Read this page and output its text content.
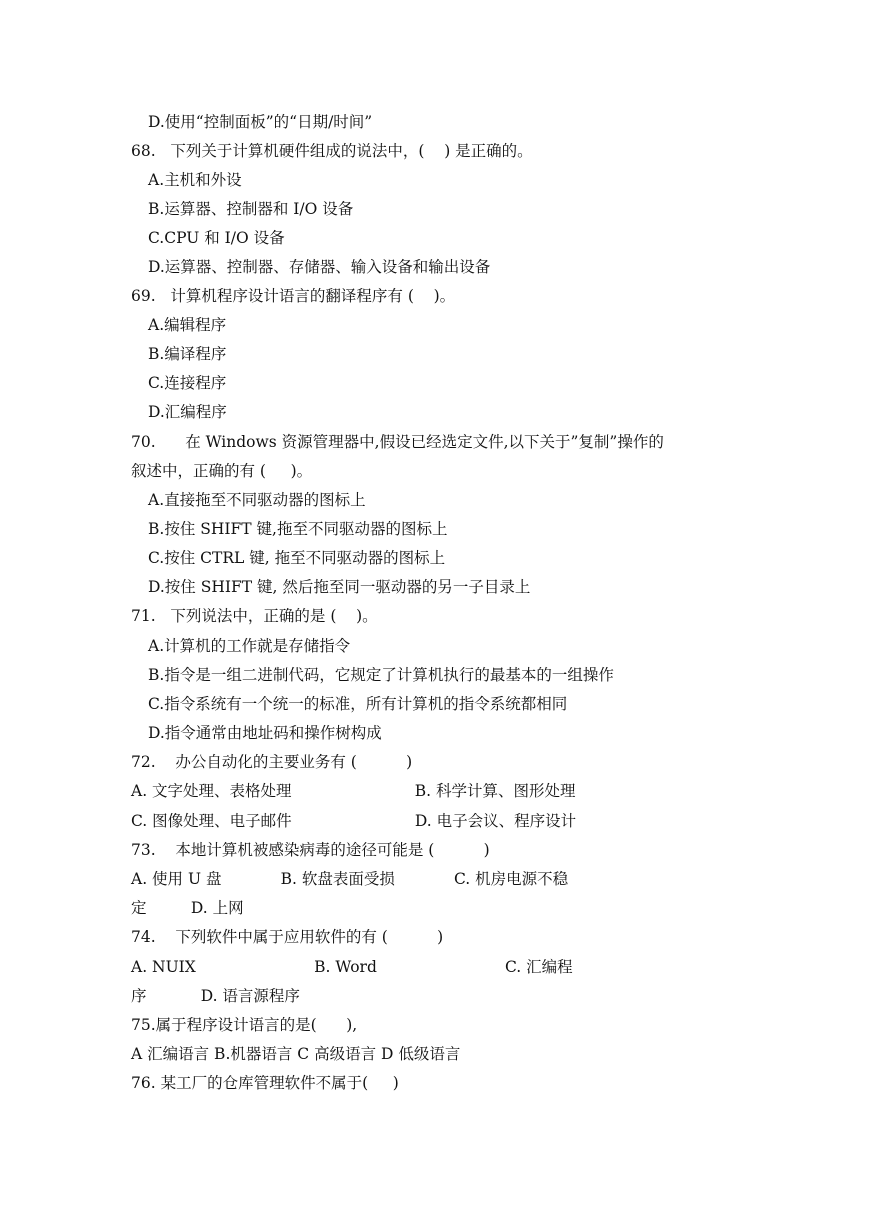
D.使用“控制面板”的“日期/时间”
68.   下列关于计算机硬件组成的说法中，(    ) 是正确的。
A.主机和外设
B.运算器、控制器和 I/O 设备
C.CPU 和 I/O 设备
D.运算器、控制器、存储器、输入设备和输出设备
69.   计算机程序设计语言的翻译程序有 (    )。
A.编辑程序
B.编译程序
C.连接程序
D.汇编程序
70.      在 Windows 资源管理器中,假设已经选定文件,以下关于”复制”操作的
叙述中，正确的有 (     )。
A.直接拖至不同驱动器的图标上
B.按住 SHIFT 键,拖至不同驱动器的图标上
C.按住 CTRL 键, 拖至不同驱动器的图标上
D.按住 SHIFT 键, 然后拖至同一驱动器的另一子目录上
71.   下列说法中，正确的是 (    )。
A.计算机的工作就是存储指令
B.指令是一组二进制代码，它规定了计算机执行的最基本的一组操作
C.指令系统有一个统一的标准，所有计算机的指令系统都相同
D.指令通常由地址码和操作树构成
72.    办公自动化的主要业务有 (          )
A. 文字处理、表格处理                         B. 科学计算、图形处理
C. 图像处理、电子邮件                         D. 电子会议、程序设计
73.    本地计算机被感染病毒的途径可能是 (          )
A. 使用 U 盘            B. 软盘表面受损            C. 机房电源不稳
定         D. 上网
74.    下列软件中属于应用软件的有 (          )
A. NUIX                        B. Word                          C. 汇编程
序           D. 语言源程序
75.属于程序设计语言的是(      ),
A 汇编语言 B.机器语言 C 高级语言 D 低级语言
76. 某工厂的仓库管理软件不属于(     )
